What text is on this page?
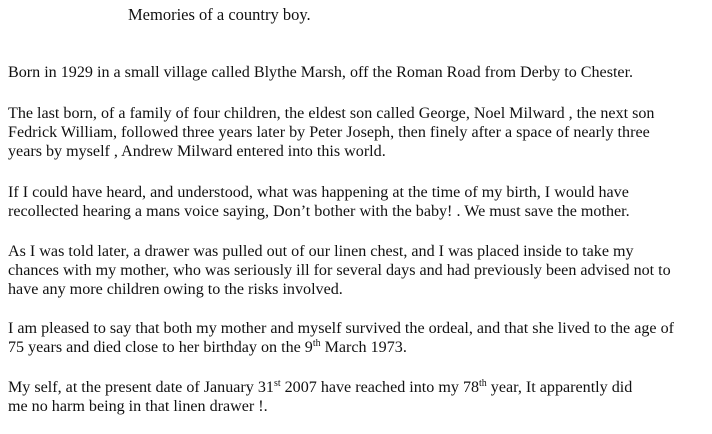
Memories of a country boy.

Born in 1929 in a small village called Blythe Marsh, off the Roman Road from Derby to Chester.

The last born, of a family of four children, the eldest son called George, Noel Milward , the next son
Fedrick William, followed three years later by Peter Joseph, then finely after a space of nearly three
years by myself , Andrew Milward entered into this world.

If I could have heard, and understood, what was happening at the time of my birth, I would have
recollected hearing a mans voice saying, Don’t bother with the baby! . We must save the mother.

As I was told later, a drawer was pulled out of our linen chest, and I was placed inside to take my
chances with my mother, who was seriously ill for several days and had previously been advised not to
have any more children owing to the risks involved.

I am pleased to say that both my mother and myself survived the ordeal, and that she lived to the age of
75 years and died close to her birthday on the 9th March 1973.

My self, at the present date of January 31st 2007 have reached into my 78th year, It apparently did
me no harm being in that linen drawer !.
